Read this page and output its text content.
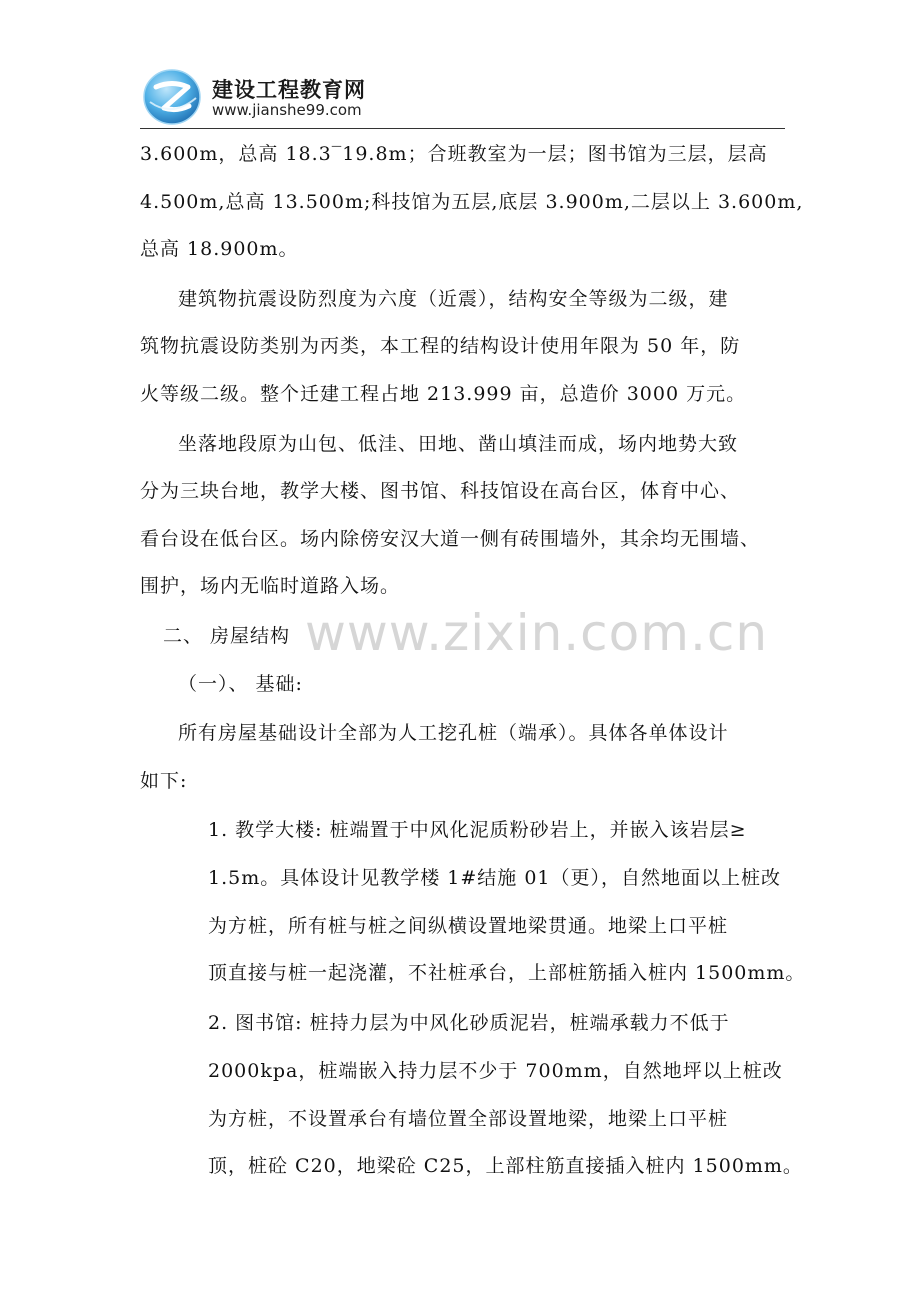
建设工程教育网
www.jianshe99.com
www.zixin.com.cn
3.600m，总高 18.3‾19.8m；合班教室为一层；图书馆为三层，层高
4.500m,总高 13.500m;科技馆为五层,底层 3.900m,二层以上 3.600m,
总高 18.900m。
建筑物抗震设防烈度为六度（近震），结构安全等级为二级，建
筑物抗震设防类别为丙类，本工程的结构设计使用年限为 50 年，防
火等级二级。整个迁建工程占地 213.999 亩，总造价 3000 万元。
坐落地段原为山包、低洼、田地、凿山填洼而成，场内地势大致
分为三块台地，教学大楼、图书馆、科技馆设在高台区，体育中心、
看台设在低台区。场内除傍安汉大道一侧有砖围墙外，其余均无围墙、
围护，场内无临时道路入场。
二、 房屋结构
（一）、 基础:
所有房屋基础设计全部为人工挖孔桩（端承）。具体各单体设计
如下:
1. 教学大楼: 桩端置于中风化泥质粉砂岩上，并嵌入该岩层≥
1.5m。具体设计见教学楼 1#结施 01（更），自然地面以上桩改
为方桩，所有桩与桩之间纵横设置地梁贯通。地梁上口平桩
顶直接与桩一起浇灌，不社桩承台，上部桩筋插入桩内 1500mm。
2. 图书馆: 桩持力层为中风化砂质泥岩，桩端承载力不低于
2000kpa，桩端嵌入持力层不少于 700mm，自然地坪以上桩改
为方桩，不设置承台有墙位置全部设置地梁，地梁上口平桩
顶，桩砼 C20，地梁砼 C25，上部柱筋直接插入桩内 1500mm。
